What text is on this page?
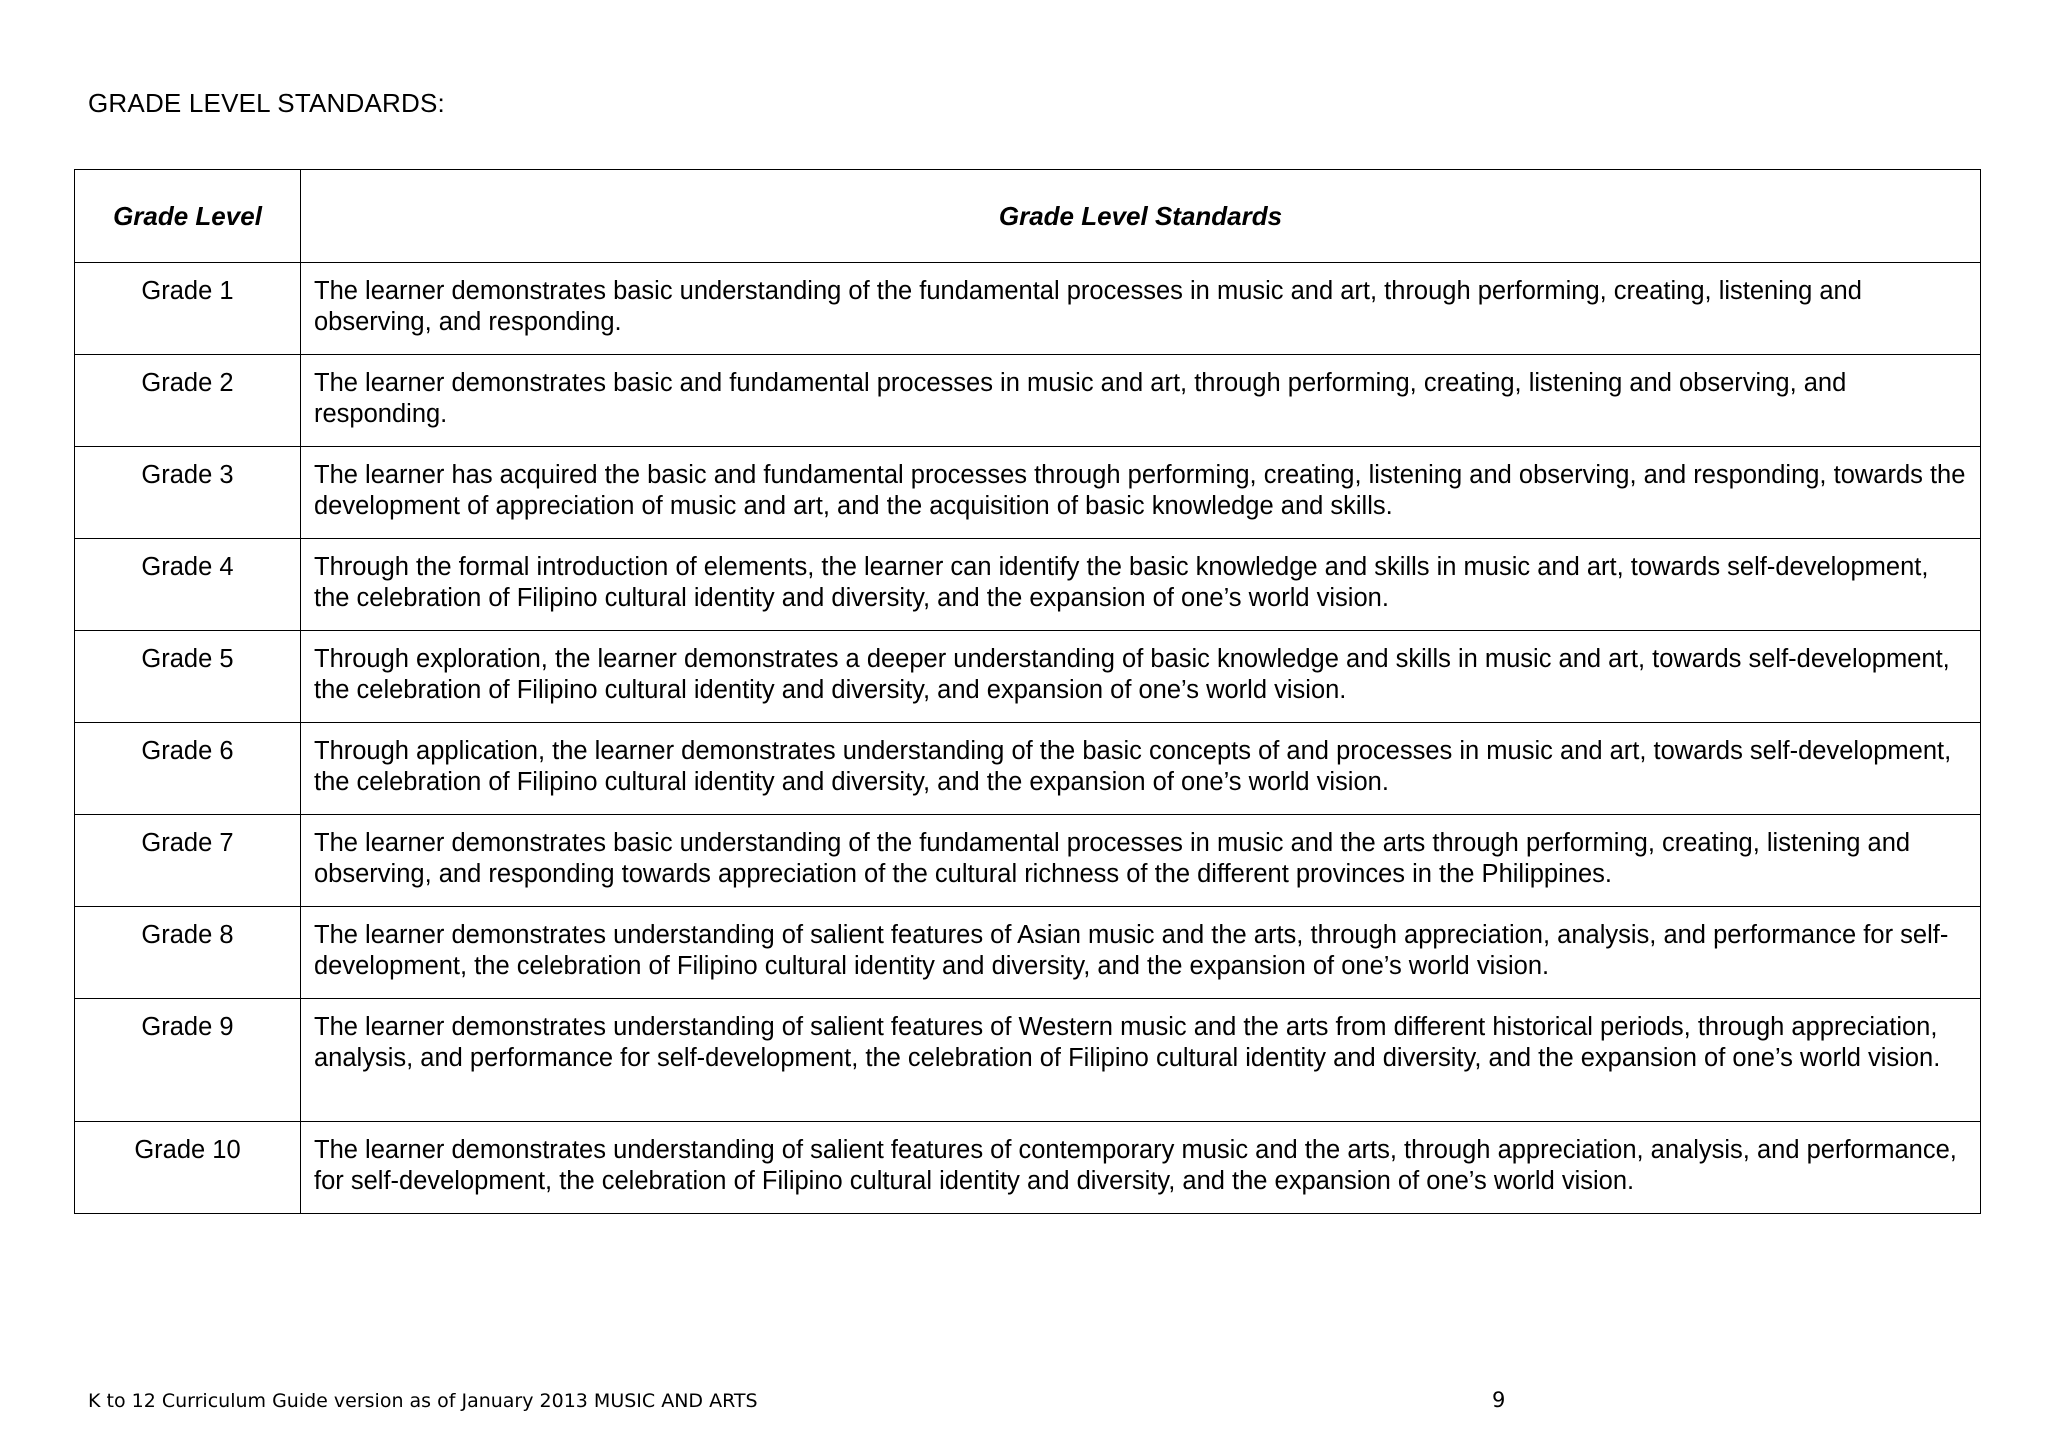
GRADE LEVEL STANDARDS:
Grade Level	Grade Level Standards
Grade 1	The learner demonstrates basic understanding of the fundamental processes in music and art, through performing, creating, listening and observing, and responding.
Grade 2	The learner demonstrates basic and fundamental processes in music and art, through performing, creating, listening and observing, and responding.
Grade 3	The learner has acquired the basic and fundamental processes through performing, creating, listening and observing, and responding, towards the development of appreciation of music and art, and the acquisition of basic knowledge and skills.
Grade 4	Through the formal introduction of elements, the learner can identify the basic knowledge and skills in music and art, towards self-development, the celebration of Filipino cultural identity and diversity, and the expansion of one’s world vision.
Grade 5	Through exploration, the learner demonstrates a deeper understanding of basic knowledge and skills in music and art, towards self-development, the celebration of Filipino cultural identity and diversity, and expansion of one’s world vision.
Grade 6	Through application, the learner demonstrates understanding of the basic concepts of and processes in music and art, towards self-development, the celebration of Filipino cultural identity and diversity, and the expansion of one’s world vision.
Grade 7	The learner demonstrates basic understanding of the fundamental processes in music and the arts through performing, creating, listening and observing, and responding towards appreciation of the cultural richness of the different provinces in the Philippines.
Grade 8	The learner demonstrates understanding of salient features of Asian music and the arts, through appreciation, analysis, and performance for self-development, the celebration of Filipino cultural identity and diversity, and the expansion of one’s world vision.
Grade 9	The learner demonstrates understanding of salient features of Western music and the arts from different historical periods, through appreciation, analysis, and performance for self-development, the celebration of Filipino cultural identity and diversity, and the expansion of one’s world vision.
Grade 10	The learner demonstrates understanding of salient features of contemporary music and the arts, through appreciation, analysis, and performance, for self-development, the celebration of Filipino cultural identity and diversity, and the expansion of one’s world vision.
K to 12 Curriculum Guide version as of January 2013 MUSIC AND ARTS	9
